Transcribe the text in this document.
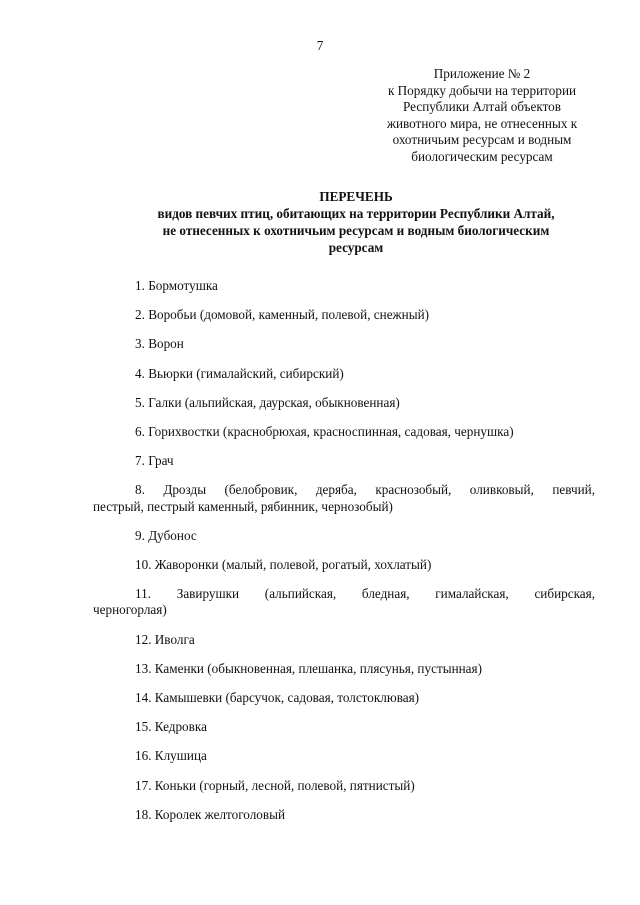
7
Приложение № 2
к Порядку добычи на территории
Республики Алтай объектов
животного мира, не отнесенных к
охотничьим ресурсам и водным
биологическим ресурсам
ПЕРЕЧЕНЬ
видов певчих птиц, обитающих на территории Республики Алтай,
не отнесенных к охотничьим ресурсам и водным биологическим
ресурсам
1. Бормотушка
2. Воробьи (домовой, каменный, полевой, снежный)
3. Ворон
4. Вьюрки (гималайский, сибирский)
5. Галки (альпийская, даурская, обыкновенная)
6. Горихвостки (краснобрюхая, красноспинная, садовая, чернушка)
7. Грач
8. Дрозды (белобровик, деряба, краснозобый, оливковый, певчий,
пестрый, пестрый каменный, рябинник, чернозобый)
9. Дубонос
10. Жаворонки (малый, полевой, рогатый, хохлатый)
11. Завирушки (альпийская, бледная, гималайская, сибирская,
черногорлая)
12. Иволга
13. Каменки (обыкновенная, плешанка, плясунья, пустынная)
14. Камышевки (барсучок, садовая, толстоклювая)
15. Кедровка
16. Клушица
17. Коньки (горный, лесной, полевой, пятнистый)
18. Королек желтоголовый
